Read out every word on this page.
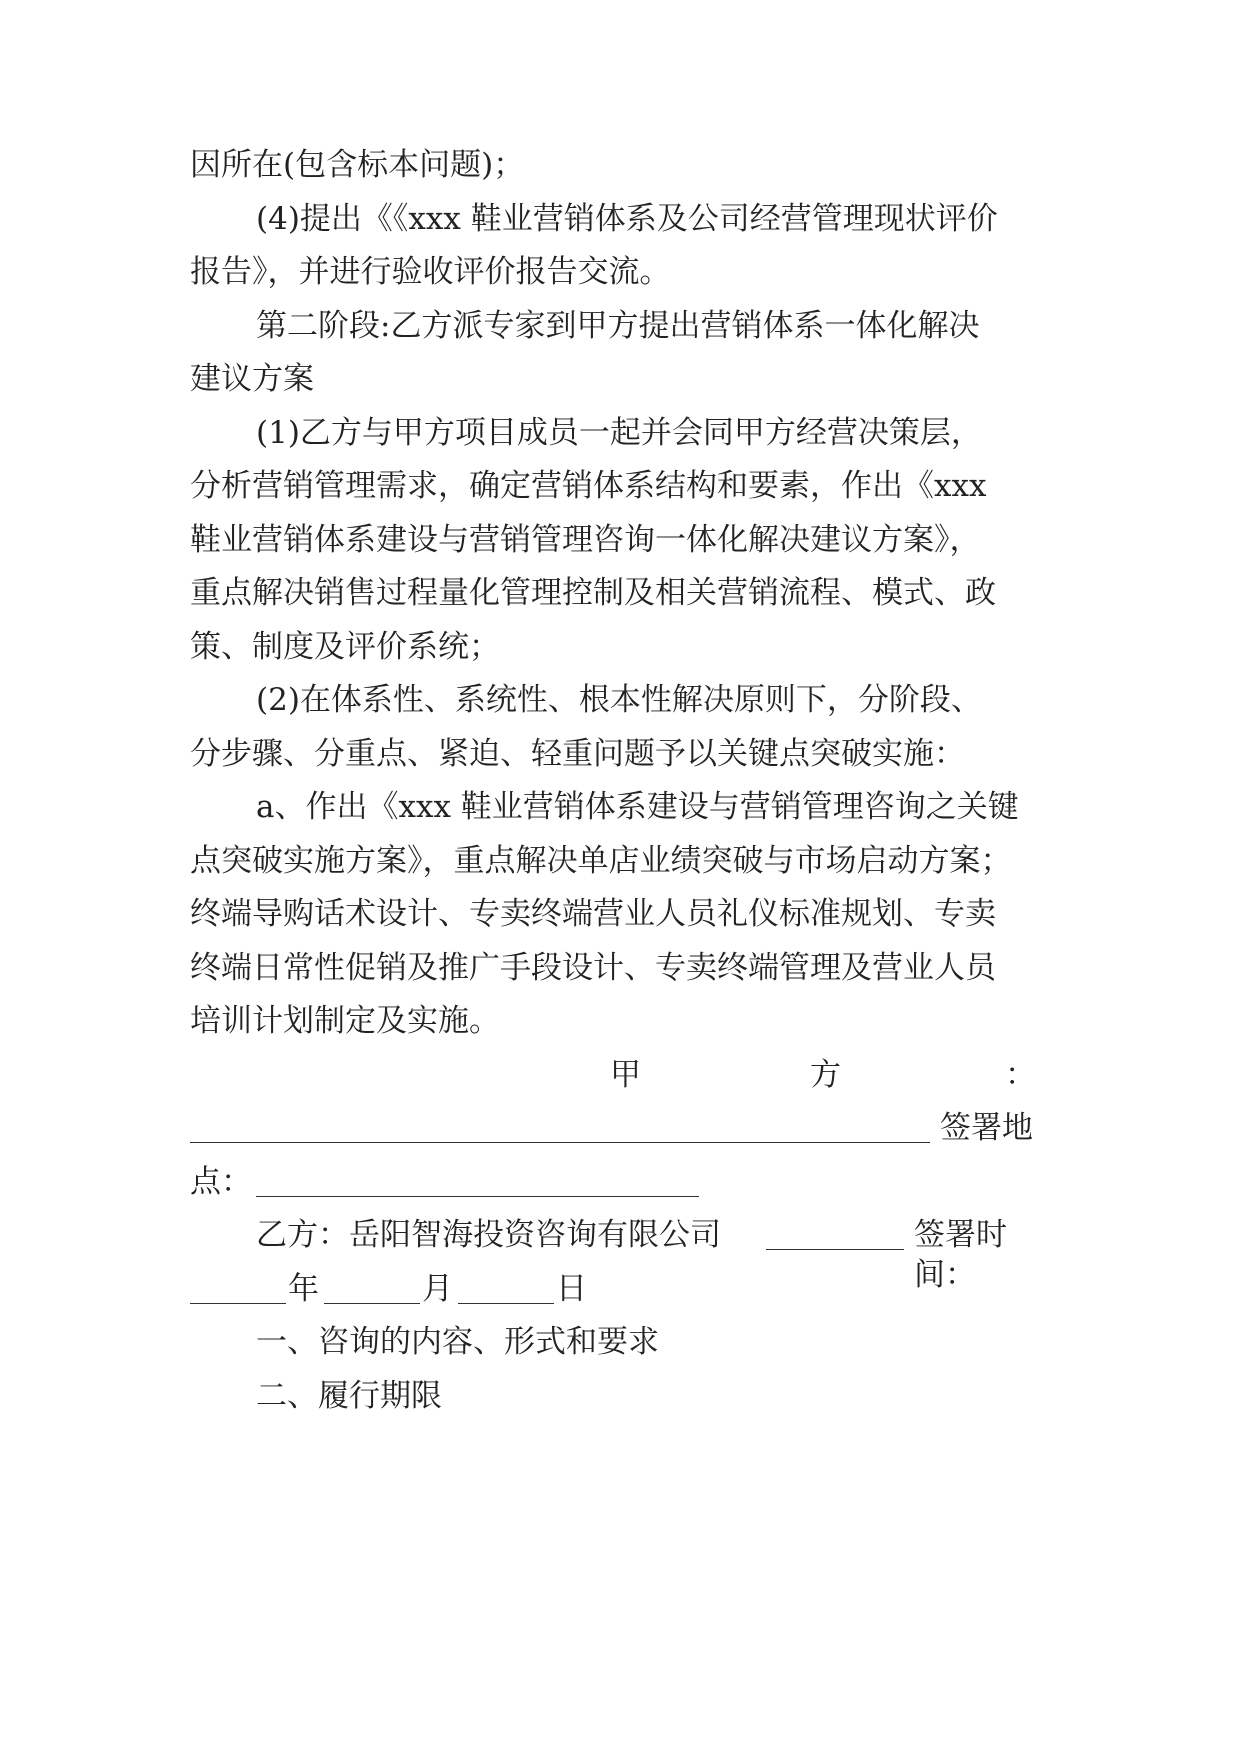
因所在(包含标本问题)；
(4)提出《《xxx 鞋业营销体系及公司经营管理现状评价
报告》，并进行验收评价报告交流。
第二阶段:乙方派专家到甲方提出营销体系一体化解决
建议方案
(1)乙方与甲方项目成员一起并会同甲方经营决策层，
分析营销管理需求，确定营销体系结构和要素，作出《xxx
鞋业营销体系建设与营销管理咨询一体化解决建议方案》，
重点解决销售过程量化管理控制及相关营销流程、模式、政
策、制度及评价系统；
(2)在体系性、系统性、根本性解决原则下，分阶段、
分步骤、分重点、紧迫、轻重问题予以关键点突破实施：
a、作出《xxx 鞋业营销体系建设与营销管理咨询之关键
点突破实施方案》，重点解决单店业绩突破与市场启动方案；
终端导购话术设计、专卖终端营业人员礼仪标准规划、专卖
终端日常性促销及推广手段设计、专卖终端管理及营业人员
培训计划制定及实施。
甲	方	：
签署地
点：
乙方：岳阳智海投资咨询有限公司	签署时间：
年	月	日
一、咨询的内容、形式和要求
二、履行期限
